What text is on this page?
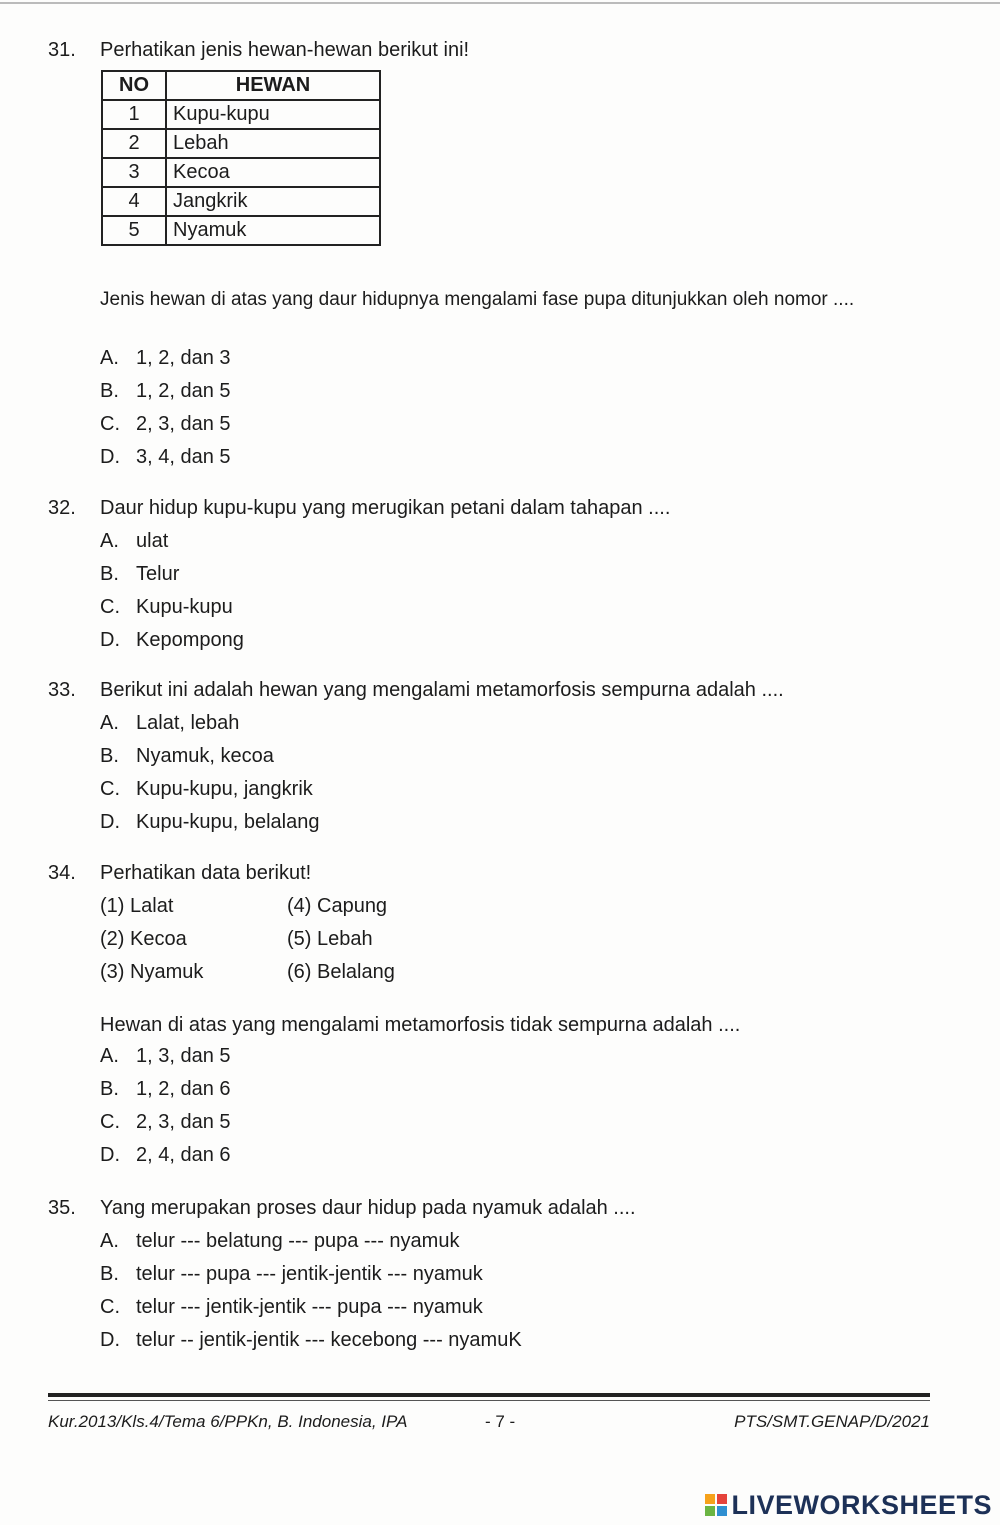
31. Perhatikan jenis hewan-hewan berikut ini!
NO	HEWAN
1	Kupu-kupu
2	Lebah
3	Kecoa
4	Jangkrik
5	Nyamuk
Jenis hewan di atas yang daur hidupnya mengalami fase pupa ditunjukkan oleh nomor ....
A. 1, 2, dan 3
B. 1, 2, dan 5
C. 2, 3, dan 5
D. 3, 4, dan 5
32. Daur hidup kupu-kupu yang merugikan petani dalam tahapan ....
A. ulat
B. Telur
C. Kupu-kupu
D. Kepompong
33. Berikut ini adalah hewan yang mengalami metamorfosis sempurna adalah ....
A. Lalat, lebah
B. Nyamuk, kecoa
C. Kupu-kupu, jangkrik
D. Kupu-kupu, belalang
34. Perhatikan data berikut!
(1) Lalat	(4) Capung
(2) Kecoa	(5) Lebah
(3) Nyamuk	(6) Belalang
Hewan di atas yang mengalami metamorfosis tidak sempurna adalah ....
A. 1, 3, dan 5
B. 1, 2, dan 6
C. 2, 3, dan 5
D. 2, 4, dan 6
35. Yang merupakan proses daur hidup pada nyamuk adalah ....
A. telur --- belatung --- pupa --- nyamuk
B. telur --- pupa --- jentik-jentik --- nyamuk
C. telur --- jentik-jentik --- pupa --- nyamuk
D. telur -- jentik-jentik --- kecebong --- nyamuK
Kur.2013/Kls.4/Tema 6/PPKn, B. Indonesia, IPA	- 7 -	PTS/SMT.GENAP/D/2021
LIVEWORKSHEETS
